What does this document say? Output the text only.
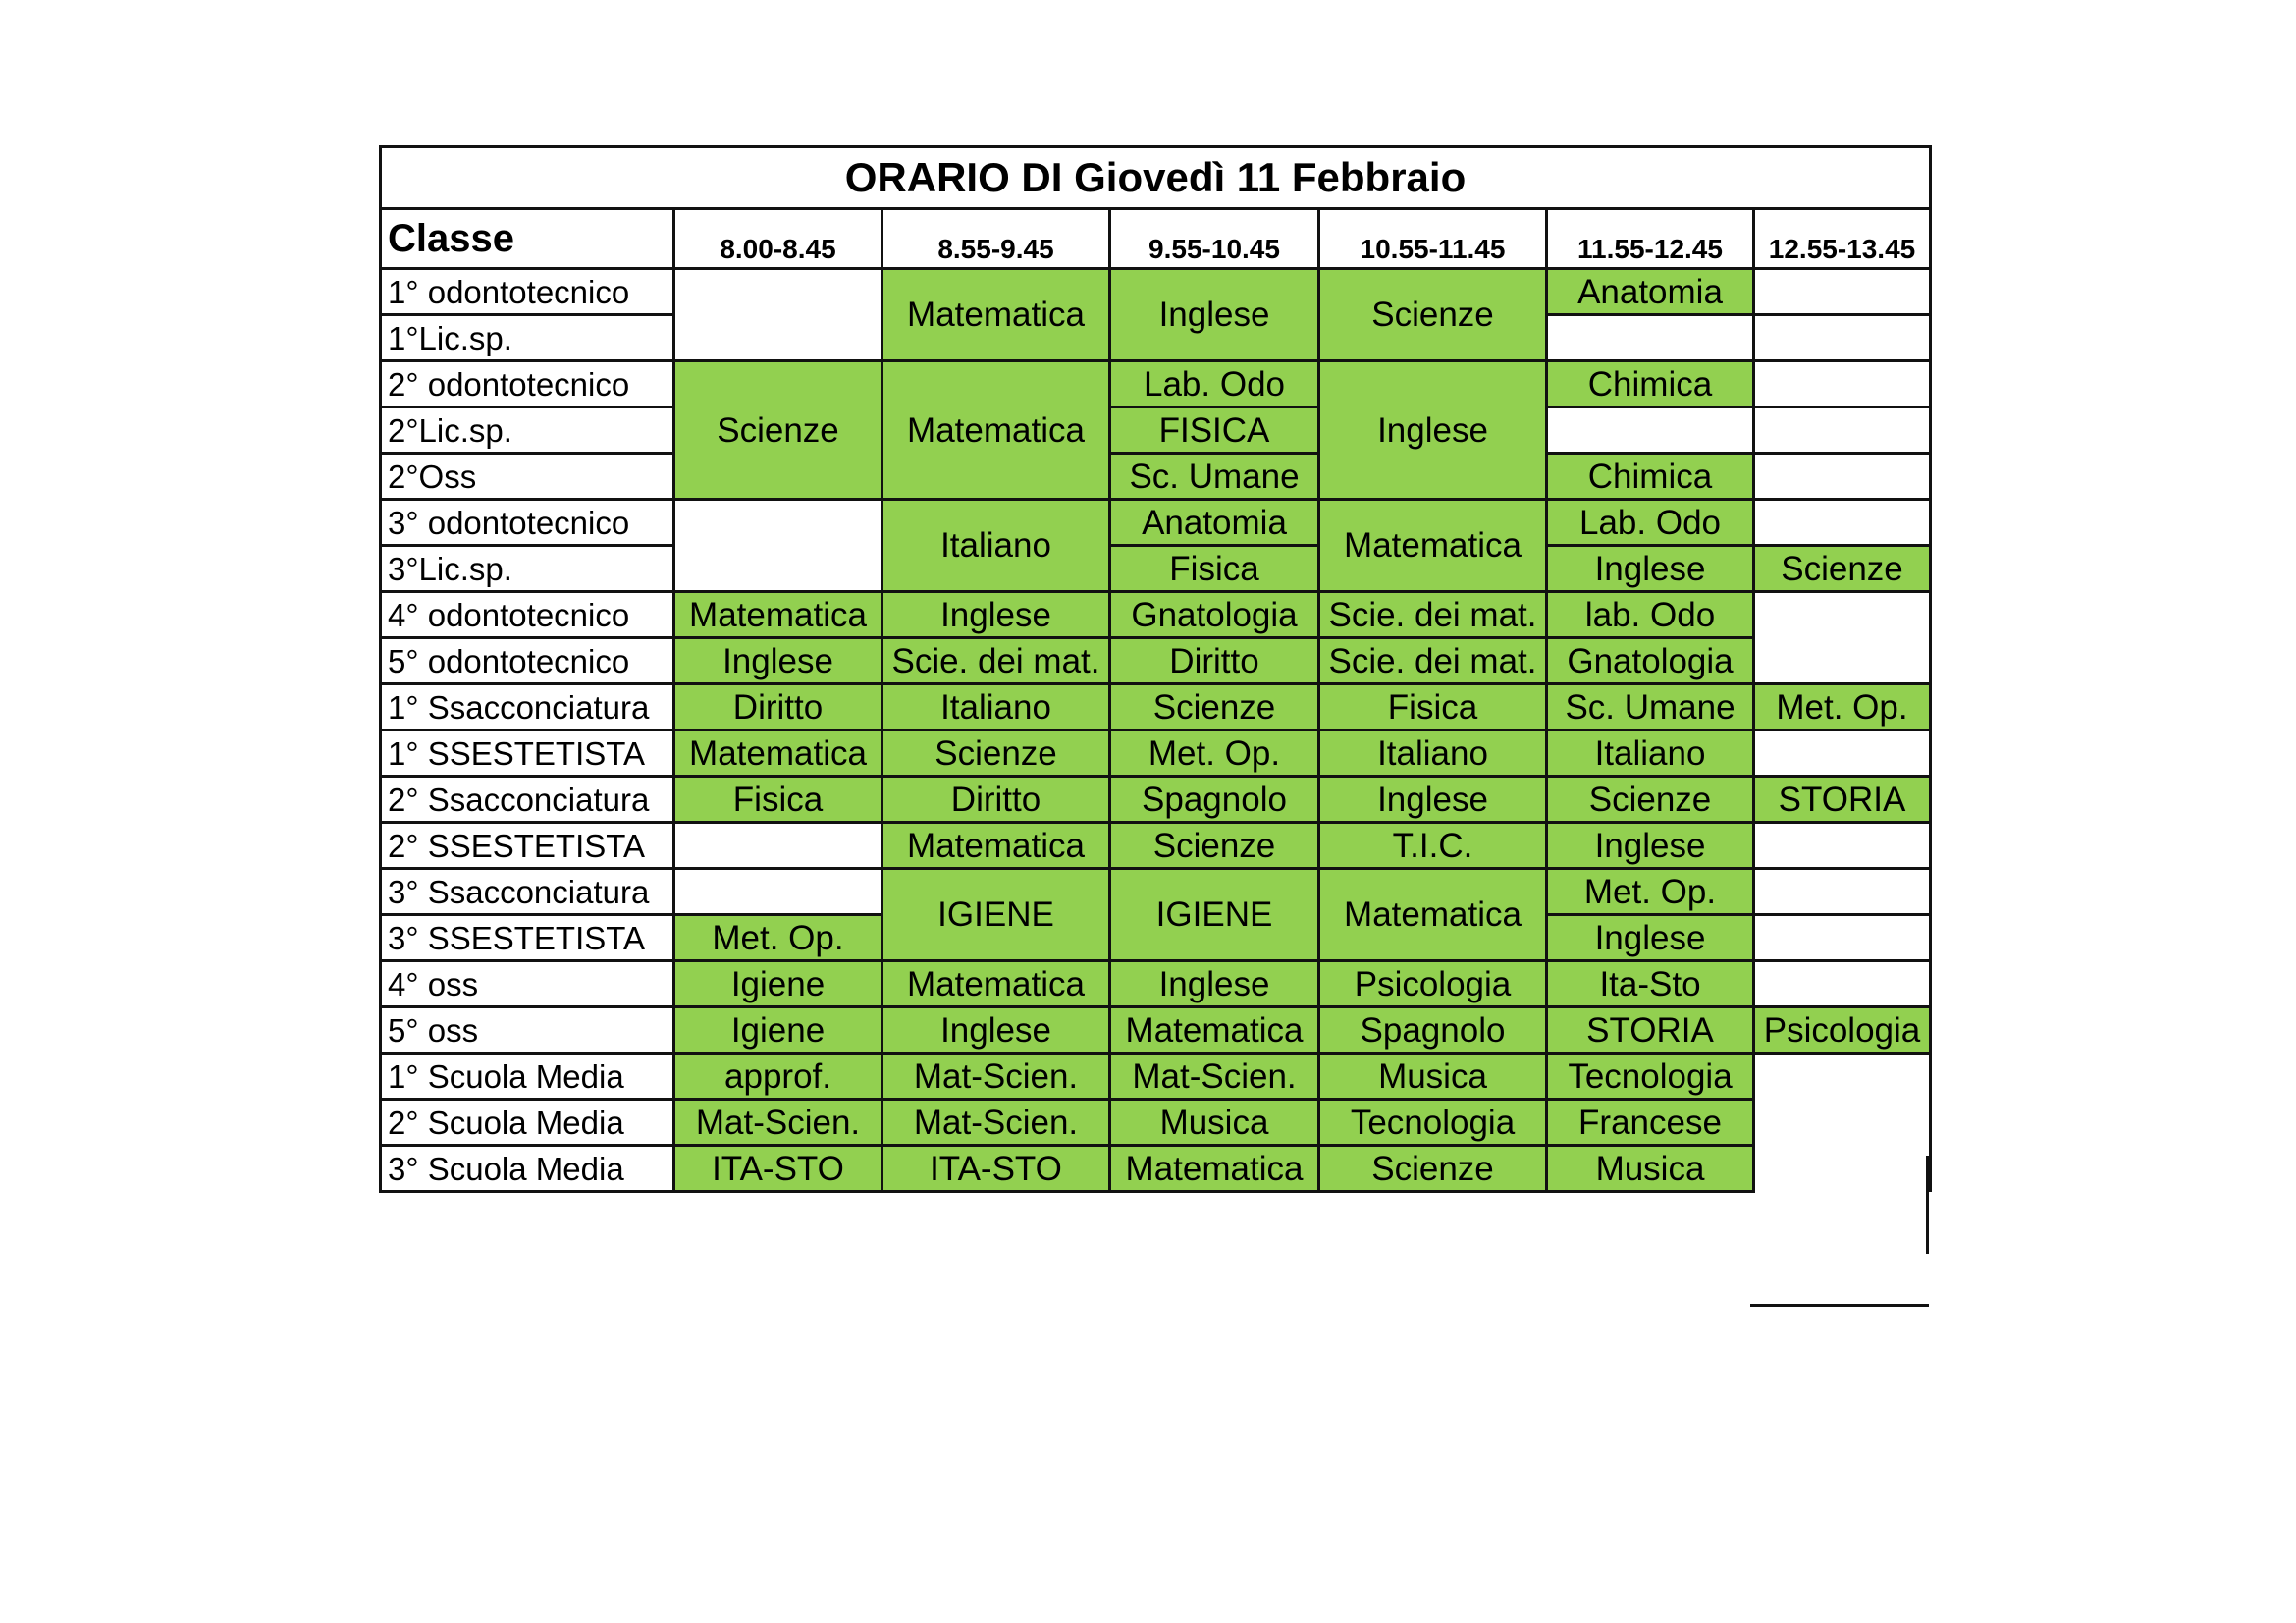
ORARIO DI Giovedì 11 Febbraio						
Classe	8.00-8.45	8.55-9.45	9.55-10.45	10.55-11.45	11.55-12.45	12.55-13.45
1° odontotecnico		Matematica	Inglese	Scienze	Anatomia	
1°Lic.sp.						
2° odontotecnico	Scienze	Matematica	Lab. Odo	Inglese	Chimica	
2°Lic.sp.			FISICA			
2°Oss			Sc. Umane		Chimica	
3° odontotecnico		Italiano	Anatomia	Matematica	Lab. Odo	
3°Lic.sp.			Fisica		Inglese	Scienze
4° odontotecnico	Matematica	Inglese	Gnatologia	Scie. dei mat.	lab. Odo	
5° odontotecnico	Inglese	Scie. dei mat.	Diritto	Scie. dei mat.	Gnatologia	
1° Ssacconciatura	Diritto	Italiano	Scienze	Fisica	Sc. Umane	Met. Op.
1° SSESTETISTA	Matematica	Scienze	Met. Op.	Italiano	Italiano	
2° Ssacconciatura	Fisica	Diritto	Spagnolo	Inglese	Scienze	STORIA
2° SSESTETISTA		Matematica	Scienze	T.I.C.	Inglese	
3° Ssacconciatura		IGIENE	IGIENE	Matematica	Met. Op.	
3° SSESTETISTA	Met. Op.				Inglese	
4° oss	Igiene	Matematica	Inglese	Psicologia	Ita-Sto	
5° oss	Igiene	Inglese	Matematica	Spagnolo	STORIA	Psicologia
1° Scuola Media	approf.	Mat-Scien.	Mat-Scien.	Musica	Tecnologia	
2° Scuola Media	Mat-Scien.	Mat-Scien.	Musica	Tecnologia	Francese	
3° Scuola Media	ITA-STO	ITA-STO	Matematica	Scienze	Musica	
